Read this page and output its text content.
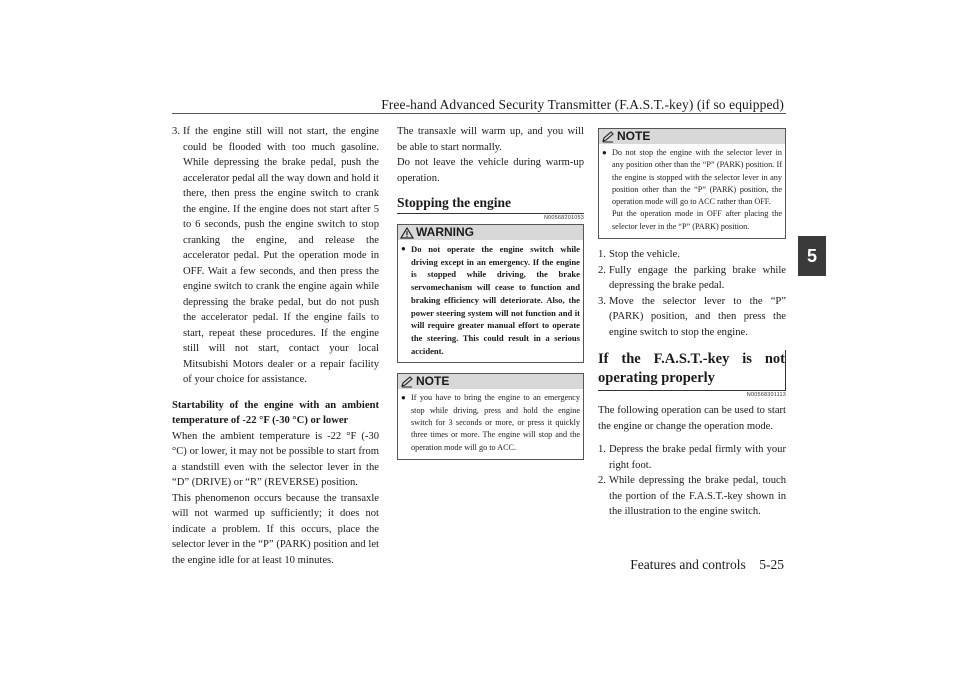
Free-hand Advanced Security Transmitter (F.A.S.T.-key) (if so equipped)
5
3. If the engine still will not start, the engine could be flooded with too much gasoline. While depressing the brake pedal, push the accelerator pedal all the way down and hold it there, then press the engine switch to crank the engine. If the engine does not start after 5 to 6 seconds, push the engine switch to stop cranking the engine, and release the accelerator pedal. Put the operation mode in OFF. Wait a few seconds, and then press the engine switch to crank the engine again while depressing the brake pedal, but do not push the accelerator pedal. If the engine fails to start, repeat these procedures. If the engine still will not start, contact your local Mitsubishi Motors dealer or a repair facility of your choice for assistance.

Startability of the engine with an ambient temperature of -22 °F (-30 °C) or lower

When the ambient temperature is -22 °F (-30 °C) or lower, it may not be possible to start from a standstill even with the selector lever in the “D” (DRIVE) or “R” (REVERSE) position.

This phenomenon occurs because the transaxle will not warmed up sufficiently; it does not indicate a problem. If this occurs, place the selector lever in the “P” (PARK) position and let the engine idle for at least 10 minutes.

The transaxle will warm up, and you will be able to start normally.

Do not leave the vehicle during warm-up operation.

Stopping the engine
N00568201053
WARNING
● Do not operate the engine switch while driving except in an emergency. If the engine is stopped while driving, the brake servomechanism will cease to function and braking efficiency will deteriorate. Also, the power steering system will not function and it will require greater manual effort to operate the steering. This could result in a serious accident.
NOTE
● If you have to bring the engine to an emergency stop while driving, press and hold the engine switch for 3 seconds or more, or press it quickly three times or more. The engine will stop and the operation mode will go to ACC.
NOTE
● Do not stop the engine with the selector lever in any position other than the “P” (PARK) position. If the engine is stopped with the selector lever in any position other than the “P” (PARK) position, the operation mode will go to ACC rather than OFF.
Put the operation mode in OFF after placing the selector lever in the “P” (PARK) position.
1. Stop the vehicle.
2. Fully engage the parking brake while depressing the brake pedal.
3. Move the selector lever to the “P” (PARK) position, and then press the engine switch to stop the engine.
If the F.A.S.T.-key is not operating properly
N00568301113

The following operation can be used to start the engine or change the operation mode.

1. Depress the brake pedal firmly with your right foot.
2. While depressing the brake pedal, touch the portion of the F.A.S.T.-key shown in the illustration to the engine switch.
Features and controls    5-25
